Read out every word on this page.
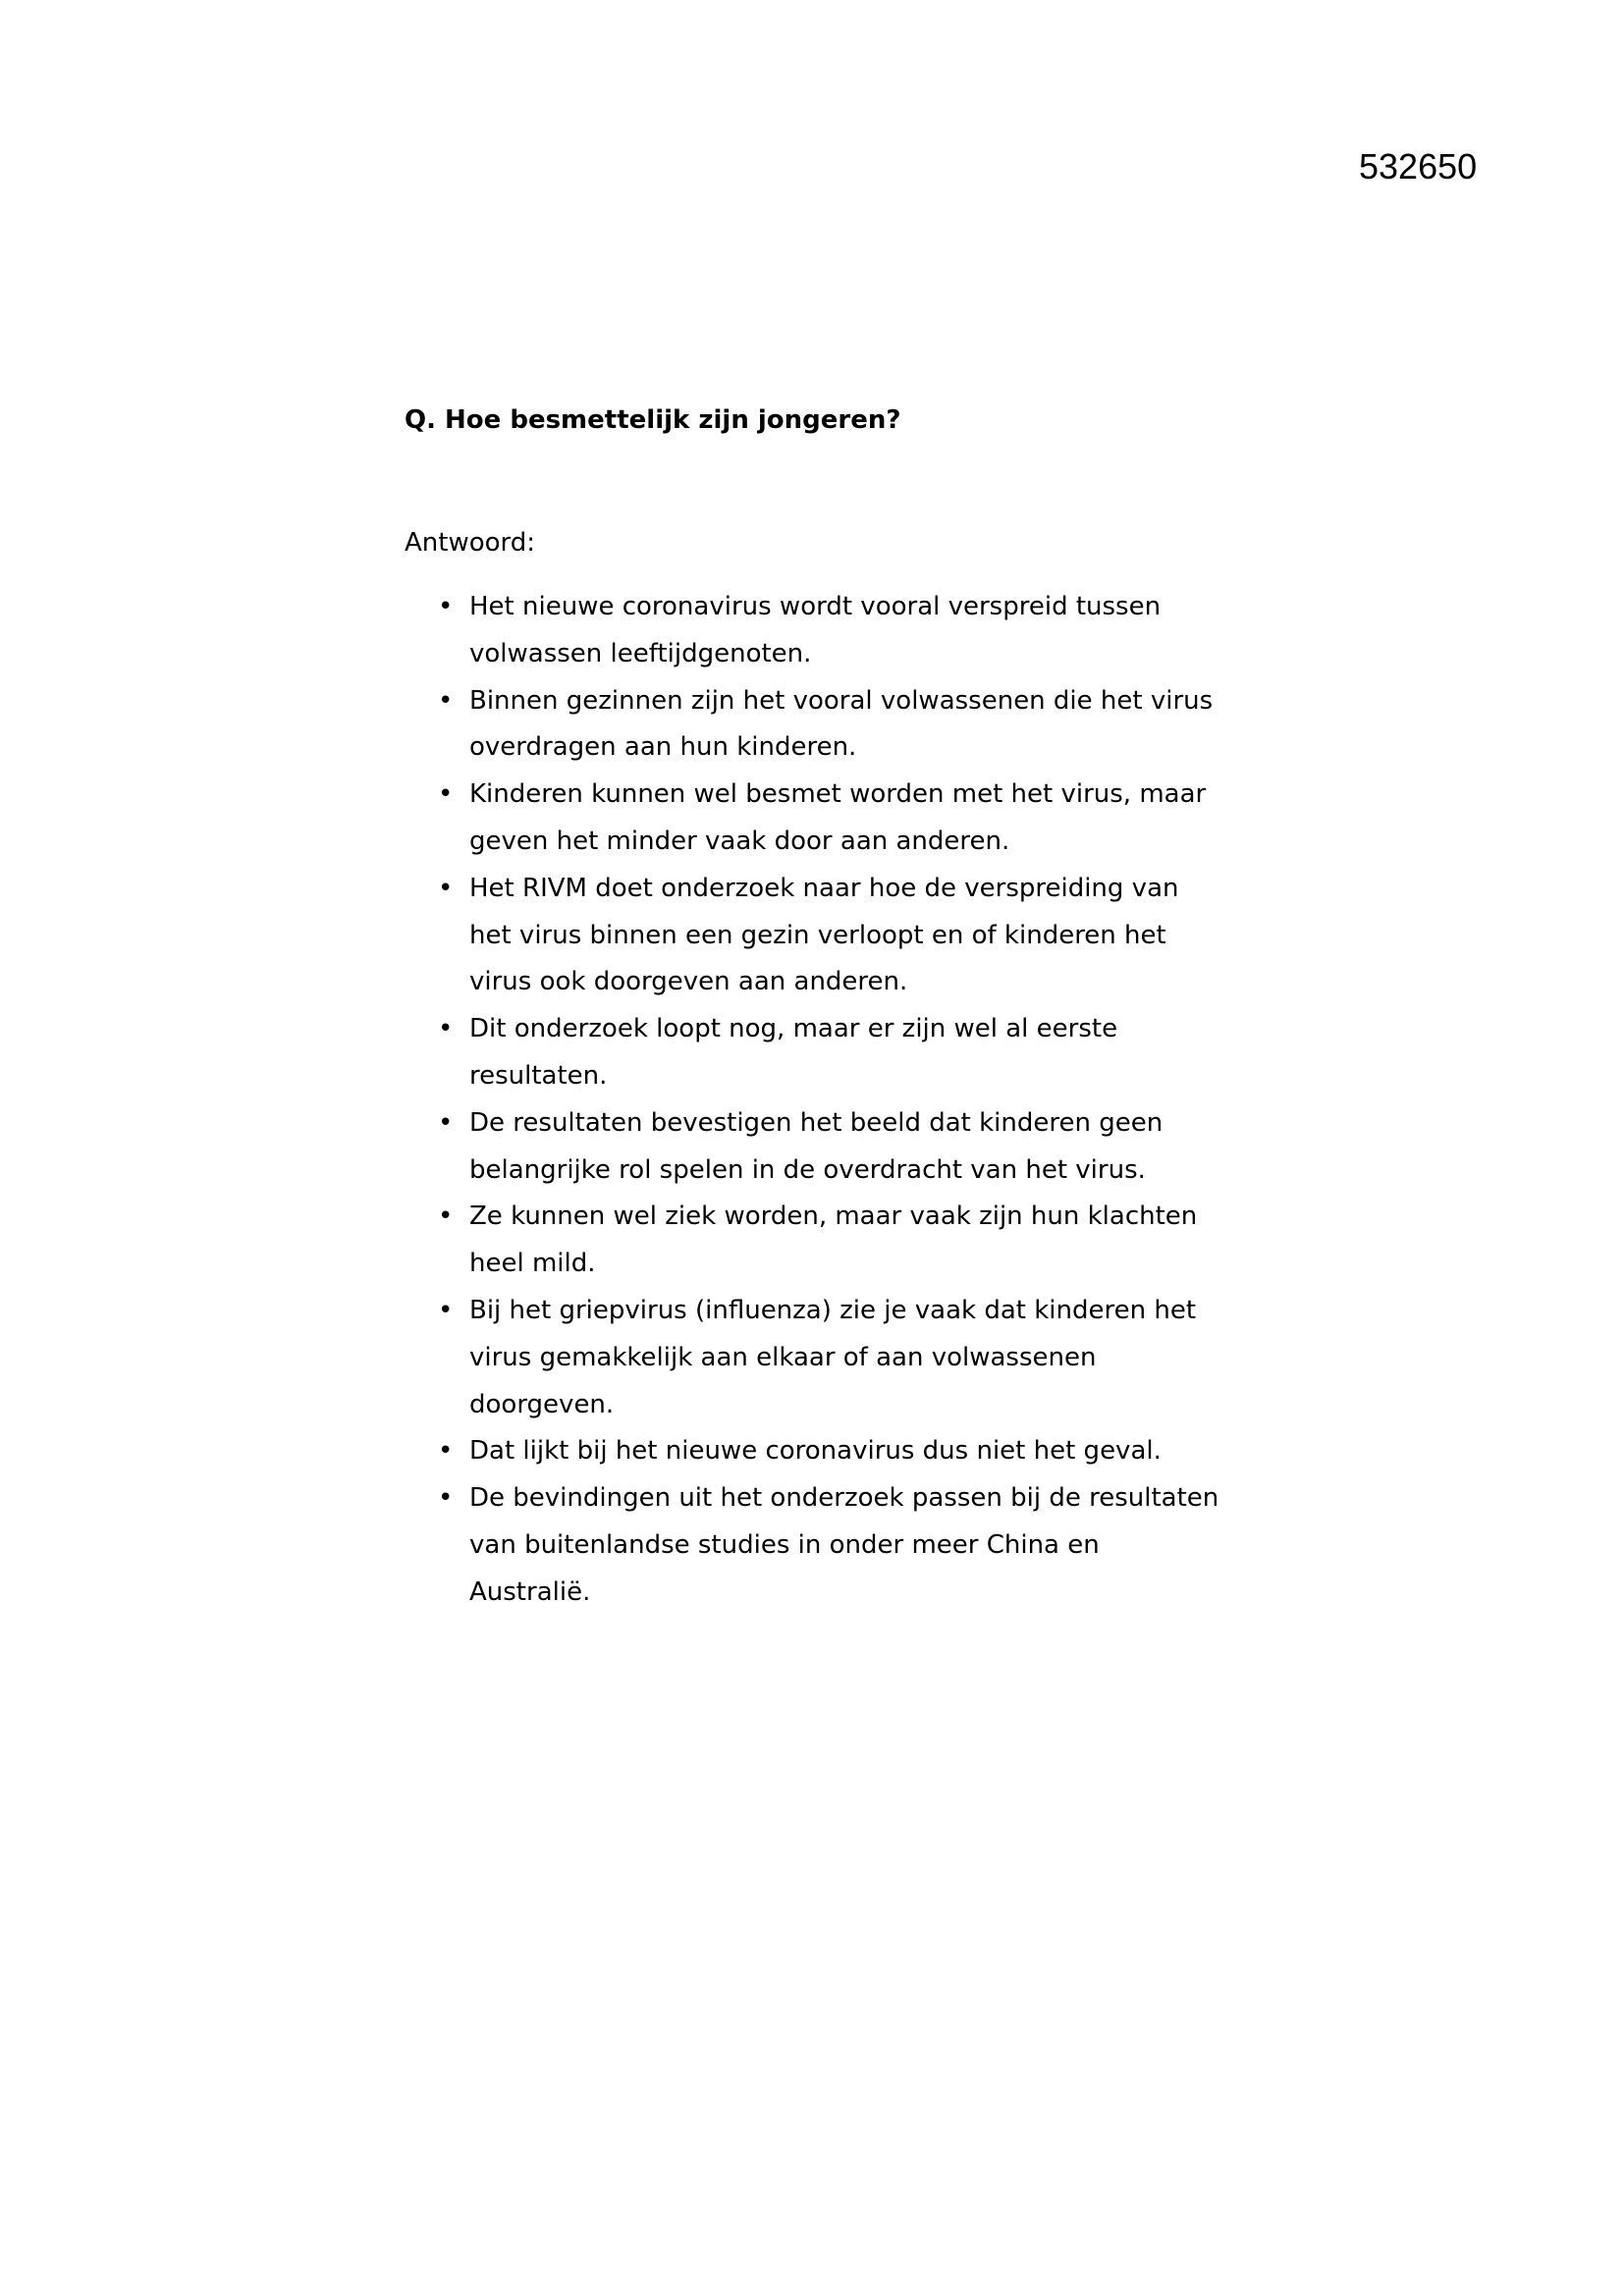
532650
Q. Hoe besmettelijk zijn jongeren?
Antwoord:
• Het nieuwe coronavirus wordt vooral verspreid tussen
volwassen leeftijdgenoten.
• Binnen gezinnen zijn het vooral volwassenen die het virus
overdragen aan hun kinderen.
• Kinderen kunnen wel besmet worden met het virus, maar
geven het minder vaak door aan anderen.
• Het RIVM doet onderzoek naar hoe de verspreiding van
het virus binnen een gezin verloopt en of kinderen het
virus ook doorgeven aan anderen.
• Dit onderzoek loopt nog, maar er zijn wel al eerste
resultaten.
• De resultaten bevestigen het beeld dat kinderen geen
belangrijke rol spelen in de overdracht van het virus.
• Ze kunnen wel ziek worden, maar vaak zijn hun klachten
heel mild.
• Bij het griepvirus (influenza) zie je vaak dat kinderen het
virus gemakkelijk aan elkaar of aan volwassenen
doorgeven.
• Dat lijkt bij het nieuwe coronavirus dus niet het geval.
• De bevindingen uit het onderzoek passen bij de resultaten
van buitenlandse studies in onder meer China en
Australië.
